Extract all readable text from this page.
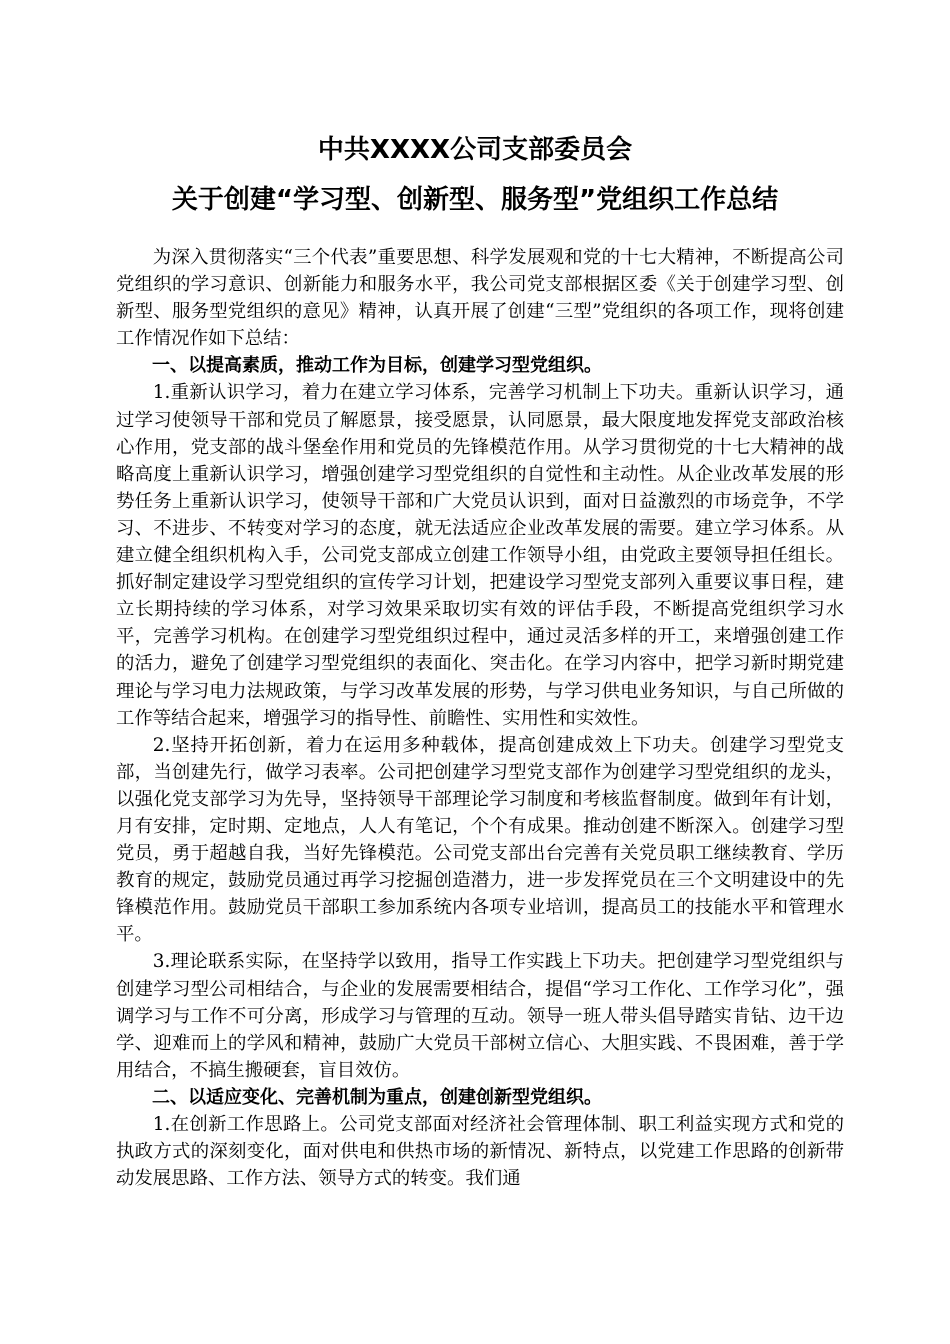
中共XXXX公司支部委员会
关于创建“学习型、创新型、服务型”党组织工作总结

为深入贯彻落实“三个代表”重要思想、科学发展观和党的十七大精神，不断提高公司党组织的学习意识、创新能力和服务水平，我公司党支部根据区委《关于创建学习型、创新型、服务型党组织的意见》精神，认真开展了创建“三型”党组织的各项工作，现将创建工作情况作如下总结：

一、以提高素质，推动工作为目标，创建学习型党组织。

1.重新认识学习，着力在建立学习体系，完善学习机制上下功夫。重新认识学习，通过学习使领导干部和党员了解愿景，接受愿景，认同愿景，最大限度地发挥党支部政治核心作用，党支部的战斗堡垒作用和党员的先锋模范作用。从学习贯彻党的十七大精神的战略高度上重新认识学习，增强创建学习型党组织的自觉性和主动性。从企业改革发展的形势任务上重新认识学习，使领导干部和广大党员认识到，面对日益激烈的市场竞争，不学习、不进步、不转变对学习的态度，就无法适应企业改革发展的需要。建立学习体系。从建立健全组织机构入手，公司党支部成立创建工作领导小组，由党政主要领导担任组长。抓好制定建设学习型党组织的宣传学习计划，把建设学习型党支部列入重要议事日程，建立长期持续的学习体系，对学习效果采取切实有效的评估手段，不断提高党组织学习水平，完善学习机构。在创建学习型党组织过程中，通过灵活多样的开工，来增强创建工作的活力，避免了创建学习型党组织的表面化、突击化。在学习内容中，把学习新时期党建理论与学习电力法规政策，与学习改革发展的形势，与学习供电业务知识，与自己所做的工作等结合起来，增强学习的指导性、前瞻性、实用性和实效性。

2.坚持开拓创新，着力在运用多种载体，提高创建成效上下功夫。创建学习型党支部，当创建先行，做学习表率。公司把创建学习型党支部作为创建学习型党组织的龙头，以强化党支部学习为先导，坚持领导干部理论学习制度和考核监督制度。做到年有计划，月有安排，定时期、定地点，人人有笔记，个个有成果。推动创建不断深入。创建学习型党员，勇于超越自我，当好先锋模范。公司党支部出台完善有关党员职工继续教育、学历教育的规定，鼓励党员通过再学习挖掘创造潜力，进一步发挥党员在三个文明建设中的先锋模范作用。鼓励党员干部职工参加系统内各项专业培训，提高员工的技能水平和管理水平。

3.理论联系实际，在坚持学以致用，指导工作实践上下功夫。把创建学习型党组织与创建学习型公司相结合，与企业的发展需要相结合，提倡“学习工作化、工作学习化”，强调学习与工作不可分离，形成学习与管理的互动。领导一班人带头倡导踏实肯钻、边干边学、迎难而上的学风和精神，鼓励广大党员干部树立信心、大胆实践、不畏困难，善于学用结合，不搞生搬硬套，盲目效仿。

二、以适应变化、完善机制为重点，创建创新型党组织。

1.在创新工作思路上。公司党支部面对经济社会管理体制、职工利益实现方式和党的执政方式的深刻变化，面对供电和供热市场的新情况、新特点，以党建工作思路的创新带动发展思路、工作方法、领导方式的转变。我们通
